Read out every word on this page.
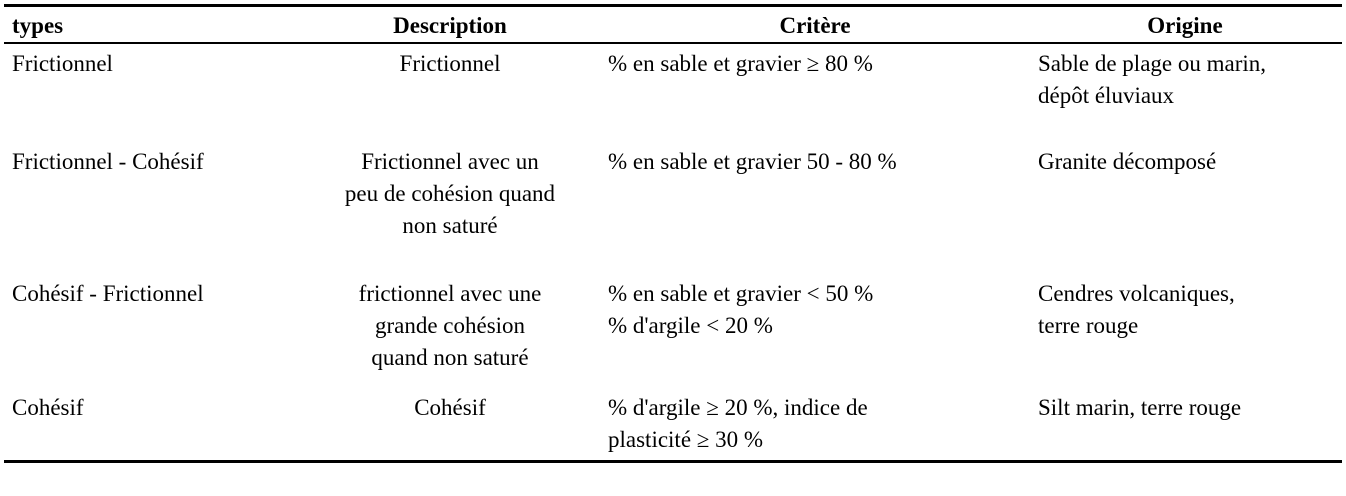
types	Description	Critère	Origine

Frictionnel	Frictionnel	% en sable et gravier ≥ 80 %	Sable de plage ou marin,
dépôt éluviaux

Frictionnel - Cohésif	Frictionnel avec un
peu de cohésion quand
non saturé	% en sable et gravier 50 - 80 %	Granite décomposé

Cohésif - Frictionnel	frictionnel avec une
grande cohésion
quand non saturé	% en sable et gravier < 50 %
% d'argile < 20 %	Cendres volcaniques,
terre rouge

Cohésif	Cohésif	% d'argile ≥ 20 %, indice de
plasticité ≥ 30 %	Silt marin, terre rouge
